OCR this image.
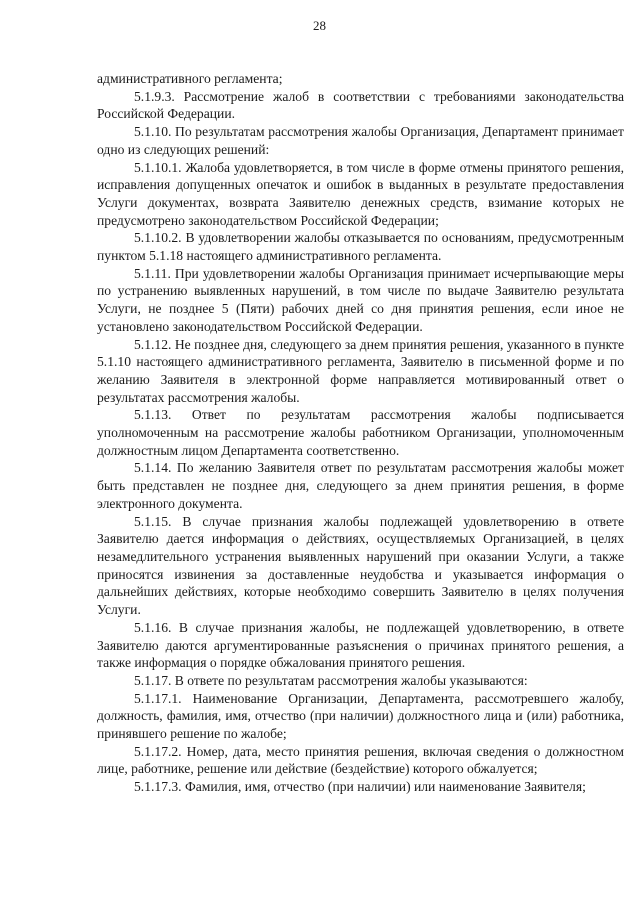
28

административного регламента;

5.1.9.3. Рассмотрение жалоб в соответствии с требованиями законодательства Российской Федерации.

5.1.10. По результатам рассмотрения жалобы Организация, Департамент принимает одно из следующих решений:

5.1.10.1. Жалоба удовлетворяется, в том числе в форме отмены принятого решения, исправления допущенных опечаток и ошибок в выданных в результате предоставления Услуги документах, возврата Заявителю денежных средств, взимание которых не предусмотрено законодательством Российской Федерации;

5.1.10.2. В удовлетворении жалобы отказывается по основаниям, предусмотренным пунктом 5.1.18 настоящего административного регламента.

5.1.11. При удовлетворении жалобы Организация принимает исчерпывающие меры по устранению выявленных нарушений, в том числе по выдаче Заявителю результата Услуги, не позднее 5 (Пяти) рабочих дней со дня принятия решения, если иное не установлено законодательством Российской Федерации.

5.1.12. Не позднее дня, следующего за днем принятия решения, указанного в пункте 5.1.10 настоящего административного регламента, Заявителю в письменной форме и по желанию Заявителя в электронной форме направляется мотивированный ответ о результатах рассмотрения жалобы.

5.1.13. Ответ по результатам рассмотрения жалобы подписывается уполномоченным на рассмотрение жалобы работником Организации, уполномоченным должностным лицом Департамента соответственно.

5.1.14. По желанию Заявителя ответ по результатам рассмотрения жалобы может быть представлен не позднее дня, следующего за днем принятия решения, в форме электронного документа.

5.1.15. В случае признания жалобы подлежащей удовлетворению в ответе Заявителю дается информация о действиях, осуществляемых Организацией, в целях незамедлительного устранения выявленных нарушений при оказании Услуги, а также приносятся извинения за доставленные неудобства и указывается информация о дальнейших действиях, которые необходимо совершить Заявителю в целях получения Услуги.

5.1.16. В случае признания жалобы, не подлежащей удовлетворению, в ответе Заявителю даются аргументированные разъяснения о причинах принятого решения, а также информация о порядке обжалования принятого решения.

5.1.17. В ответе по результатам рассмотрения жалобы указываются:

5.1.17.1. Наименование Организации, Департамента, рассмотревшего жалобу, должность, фамилия, имя, отчество (при наличии) должностного лица и (или) работника, принявшего решение по жалобе;

5.1.17.2. Номер, дата, место принятия решения, включая сведения о должностном лице, работнике, решение или действие (бездействие) которого обжалуется;

5.1.17.3. Фамилия, имя, отчество (при наличии) или наименование Заявителя;
